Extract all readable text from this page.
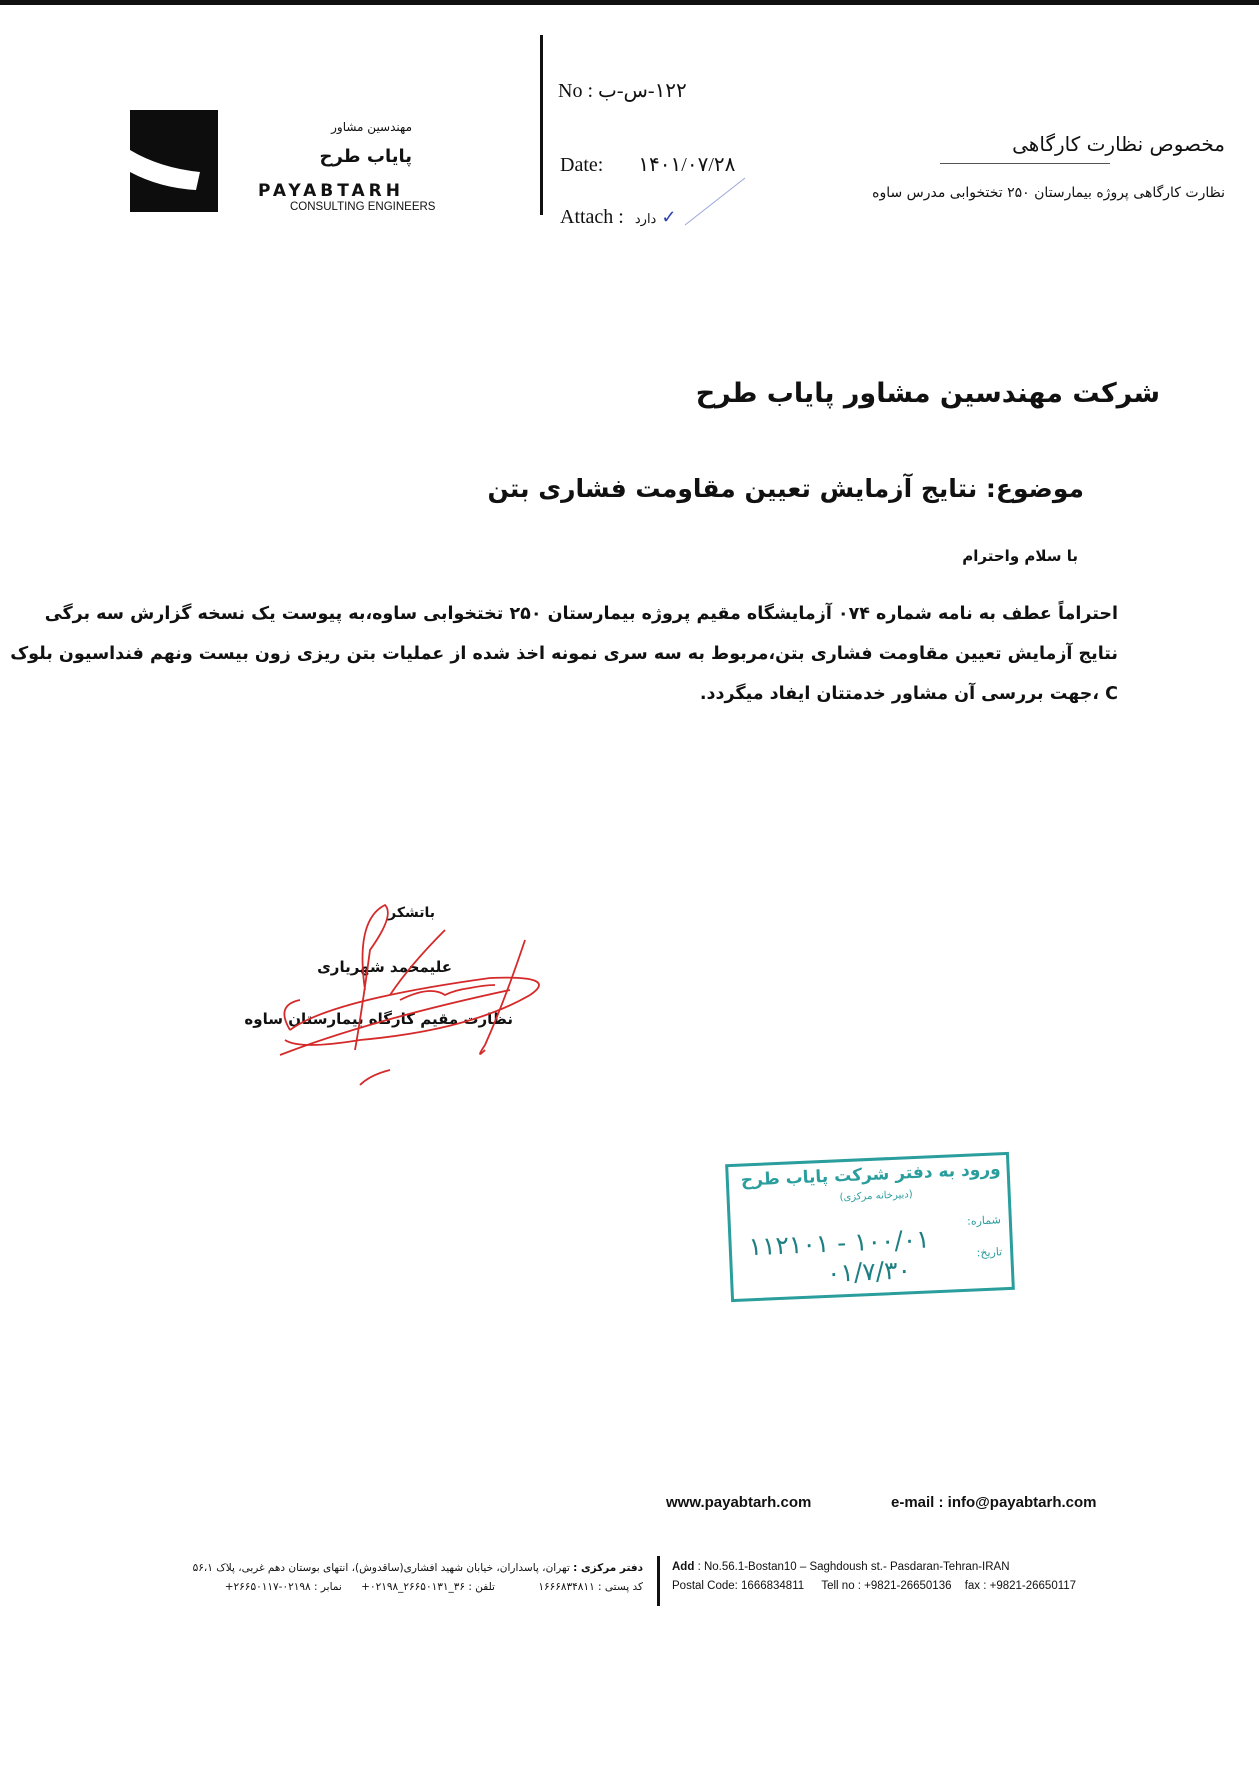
مهندسین مشاور
پایاب طرح
PAYABTARH
CONSULTING ENGINEERS
No : ۱۲۲-س-ب
Date: ۱۴۰۱/۰۷/۲۸
Attach : دارد ✓
مخصوص نظارت کارگاهی
نظارت کارگاهی پروژه بیمارستان ۲۵۰ تختخوابی مدرس ساوه
شرکت مهندسین مشاور پایاب طرح
موضوع: نتایج آزمایش تعیین مقاومت فشاری بتن
با سلام واحترام
احتراماً عطف به نامه شماره ۰۷۴ آزمایشگاه مقیم پروژه بیمارستان ۲۵۰ تختخوابی ساوه،به پیوست یک نسخه گزارش سه برگی
نتایج آزمایش تعیین مقاومت فشاری بتن،مربوط به سه سری نمونه اخذ شده از عملیات بتن ریزی زون بیست ونهم فنداسیون بلوک
C ،جهت بررسی آن مشاور خدمتتان ایفاد میگردد.
باتشکر
علیمحمد شهریاری
نظارت مقیم کارگاه بیمارستان ساوه
ورود به دفتر شرکت پایاب طرح
(دبیرخانه مرکزی)
شماره:
۱۰۰/۰۱ - ۱۱۲۱۰۱	تاریخ:
۰۱/۷/۳۰
www.payabtarh.com	e-mail : info@payabtarh.com
دفتر مرکزی : تهران، پاسداران، خیابان شهید افشاری(ساقدوش)، انتهای بوستان دهم غربی، پلاک ۵۶،۱
کد پستی : ۱۶۶۶۸۳۴۸۱۱ تلفن : ۳۶_۲۶۶۵۰۱۳۱_۰۲۱۹۸+ نمابر : ۰۲۱۹۸-۲۶۶۵۰۱۱۷+
Add : No.56.1-Bostan10 – Saghdoush st.- Pasdaran-Tehran-IRAN
Postal Code: 1666834811 Tell no : +9821-26650136 fax : +9821-26650117
